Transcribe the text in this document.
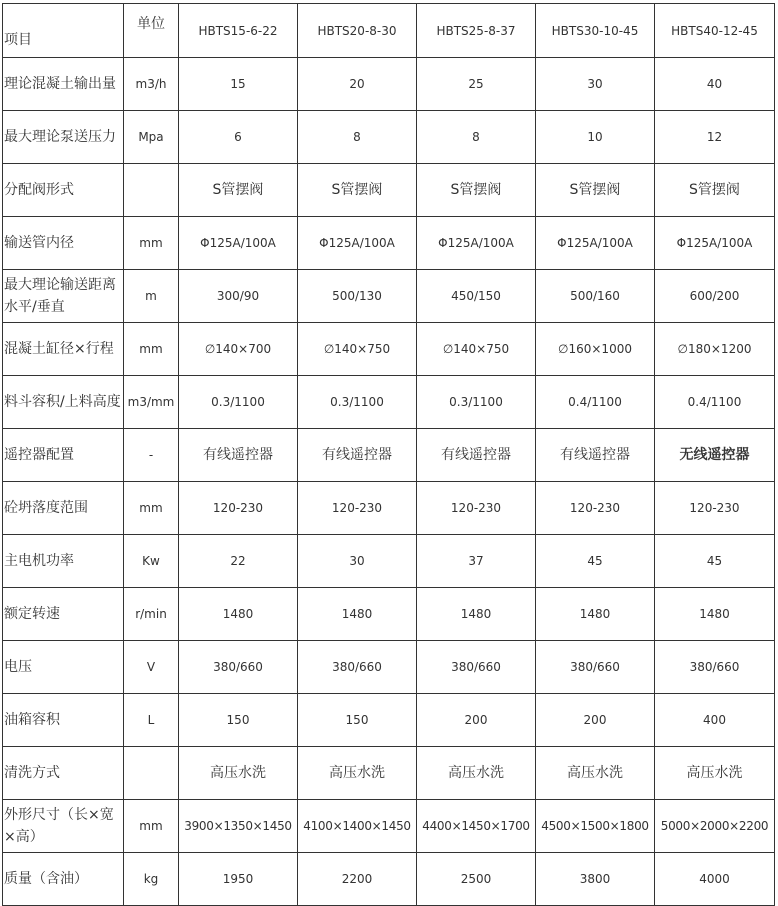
项目	单位	HBTS15-6-22	HBTS20-8-30	HBTS25-8-37	HBTS30-10-45	HBTS40-12-45
理论混凝土输出量	m3/h	15	20	25	30	40
最大理论泵送压力	Mpa	6	8	8	10	12
分配阀形式		S管摆阀	S管摆阀	S管摆阀	S管摆阀	S管摆阀
输送管内径	mm	Φ125A/100A	Φ125A/100A	Φ125A/100A	Φ125A/100A	Φ125A/100A
最大理论输送距离水平/垂直	m	300/90	500/130	450/150	500/160	600/200
混凝土缸径×行程	mm	∅140×700	∅140×750	∅140×750	∅160×1000	∅180×1200
料斗容积/上料高度	m3/mm	0.3/1100	0.3/1100	0.3/1100	0.4/1100	0.4/1100
遥控器配置	-	有线遥控器	有线遥控器	有线遥控器	有线遥控器	无线遥控器
砼坍落度范围	mm	120-230	120-230	120-230	120-230	120-230
主电机功率	Kw	22	30	37	45	45
额定转速	r/min	1480	1480	1480	1480	1480
电压	V	380/660	380/660	380/660	380/660	380/660
油箱容积	L	150	150	200	200	400
清洗方式		高压水洗	高压水洗	高压水洗	高压水洗	高压水洗
外形尺寸（长×宽×高）	mm	3900×1350×1450	4100×1400×1450	4400×1450×1700	4500×1500×1800	5000×2000×2200
质量（含油）	kg	1950	2200	2500	3800	4000
